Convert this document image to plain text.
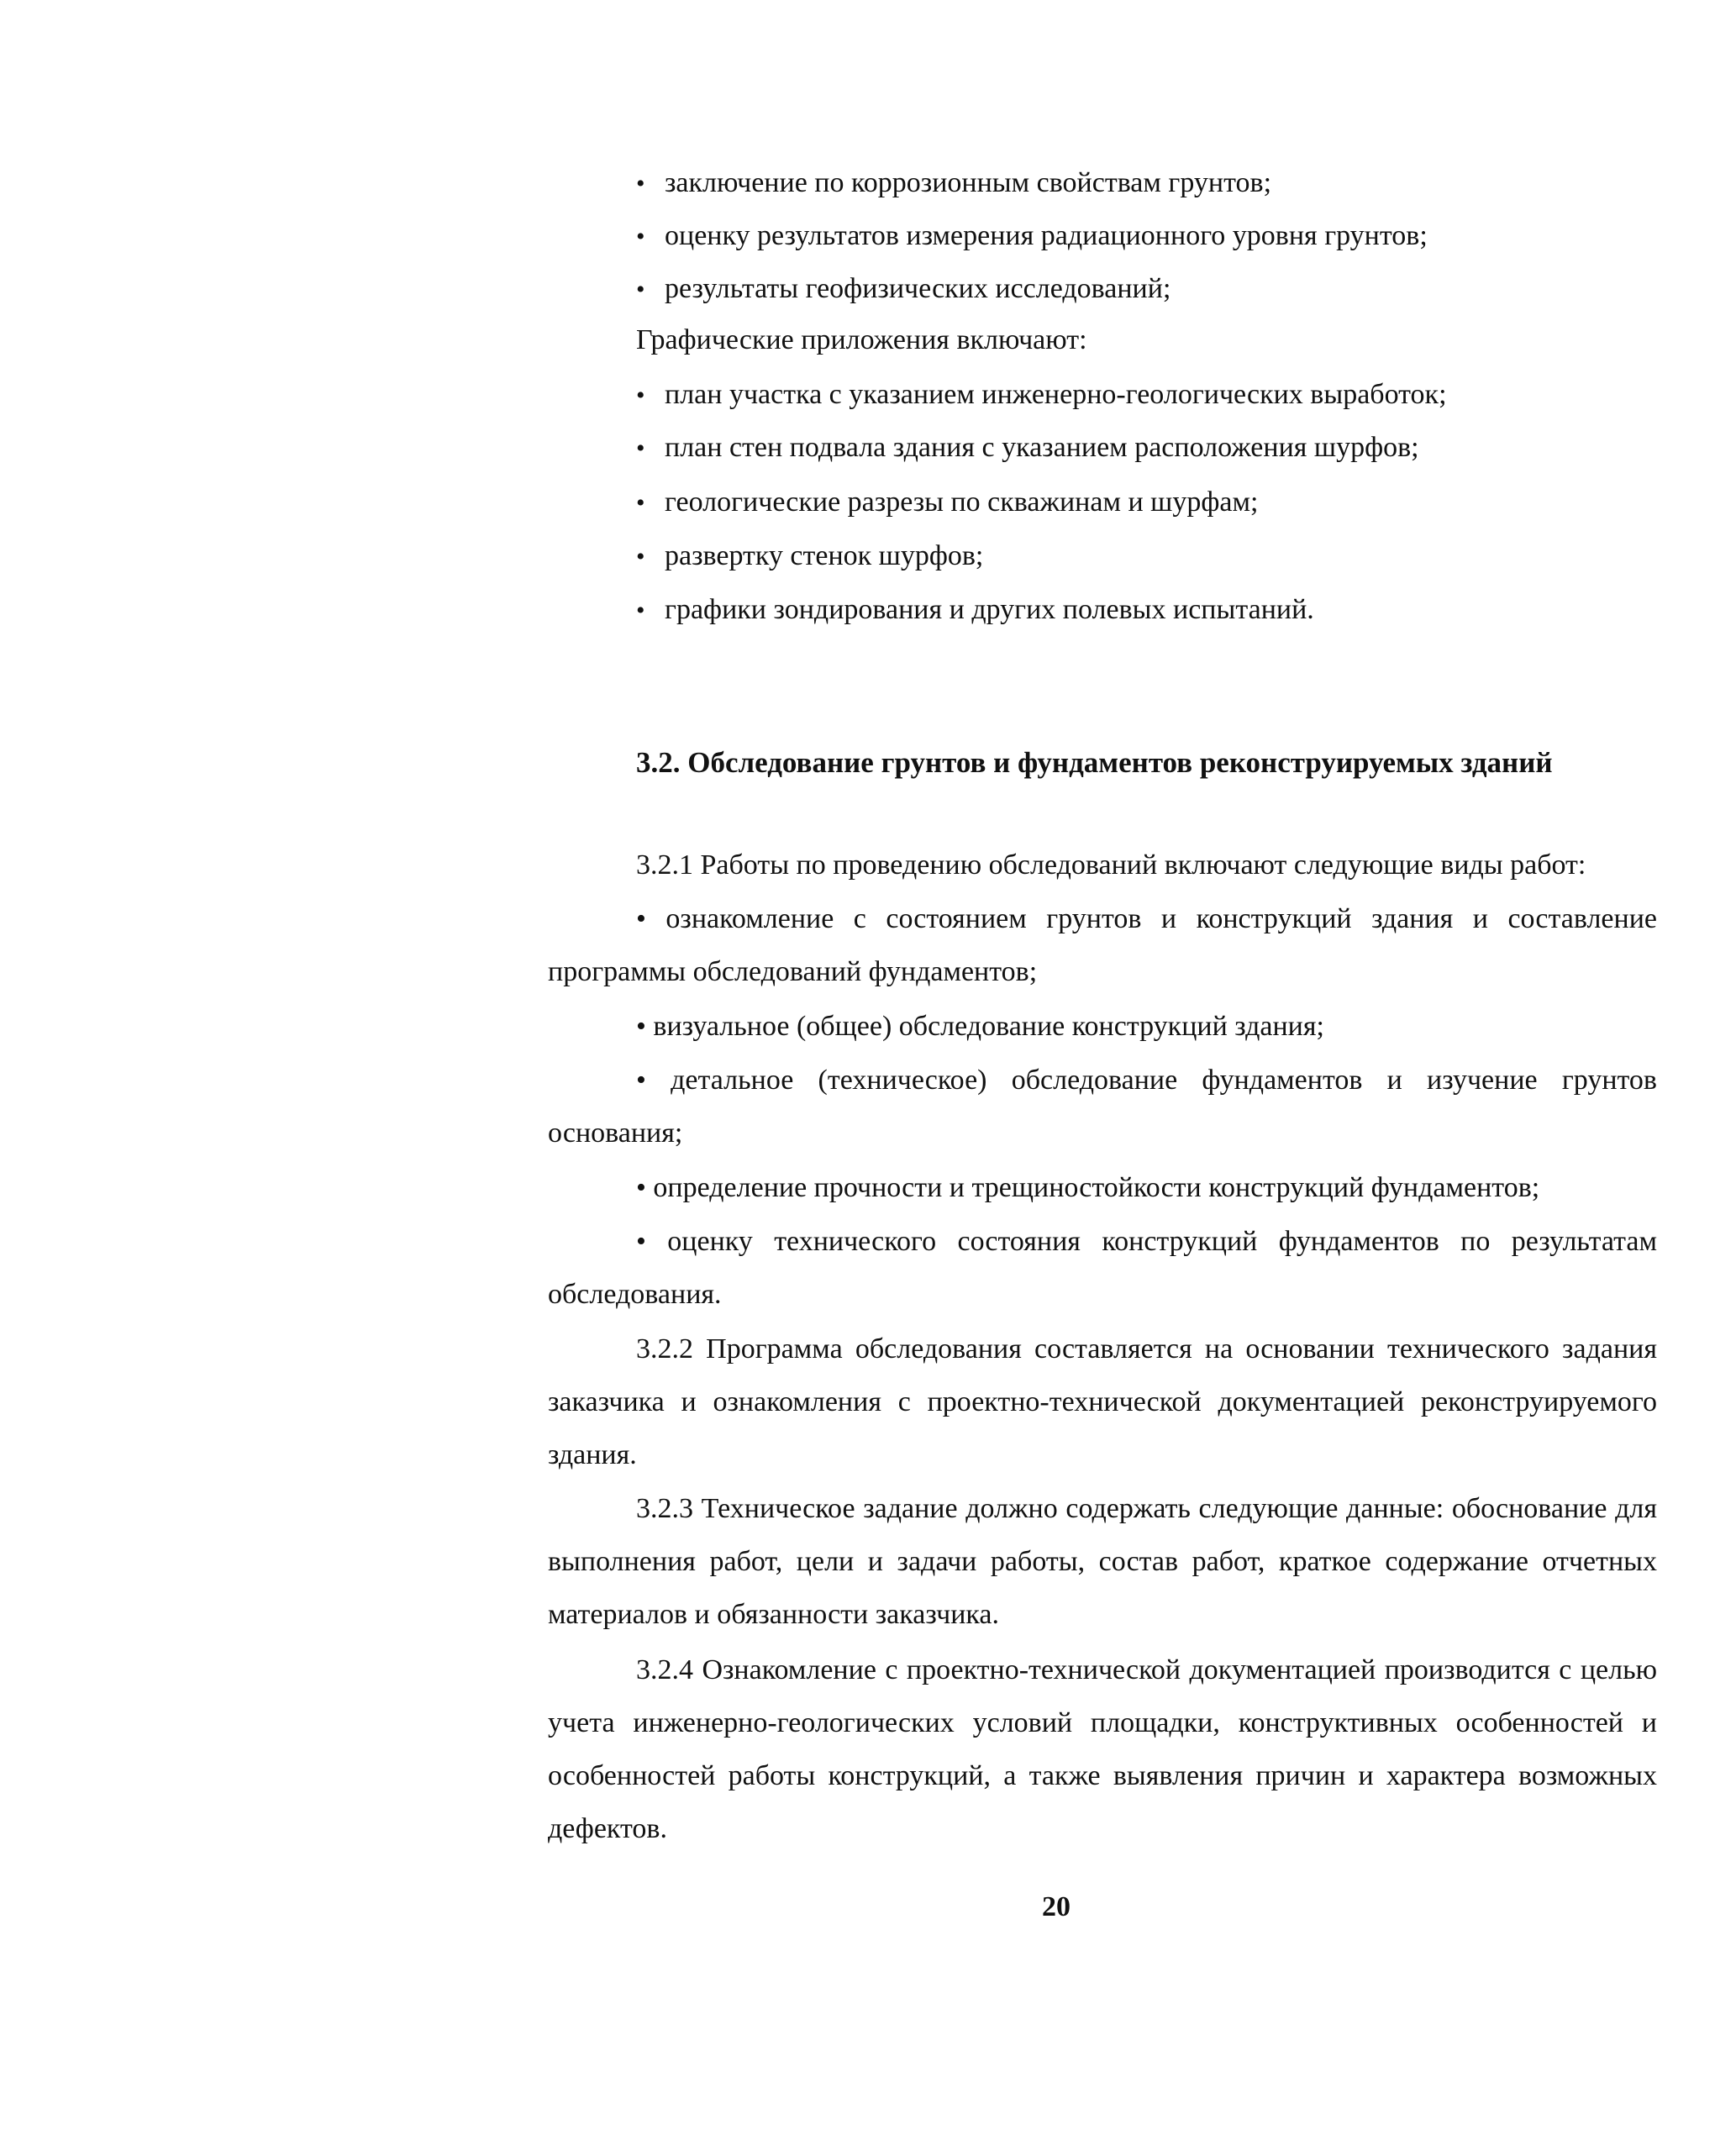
• заключение по коррозионным свойствам грунтов;
• оценку результатов измерения радиационного уровня грунтов;
• результаты геофизических исследований;
Графические приложения включают:
• план участка с указанием инженерно-геологических выработок;
• план стен подвала здания с указанием расположения шурфов;
• геологические разрезы по скважинам и шурфам;
• развертку стенок шурфов;
• графики зондирования и других полевых испытаний.
3.2. Обследование грунтов и фундаментов реконструируемых зданий
3.2.1 Работы по проведению обследований включают следующие виды работ:
• ознакомление с состоянием грунтов и конструкций здания и составление программы обследований фундаментов;
• визуальное (общее) обследование конструкций здания;
• детальное (техническое) обследование фундаментов и изучение грунтов основания;
• определение прочности и трещиностойкости конструкций фундаментов;
• оценку технического состояния конструкций фундаментов по результатам обследования.
3.2.2 Программа обследования составляется на основании технического задания заказчика и ознакомления с проектно-технической документацией реконструируемого здания.
3.2.3 Техническое задание должно содержать следующие данные: обоснование для выполнения работ, цели и задачи работы, состав работ, краткое содержание отчетных материалов и обязанности заказчика.
3.2.4 Ознакомление с проектно-технической документацией производится с целью учета инженерно-геологических условий площадки, конструктивных особенностей и особенностей работы конструкций, а также выявления причин и характера возможных дефектов.
20
